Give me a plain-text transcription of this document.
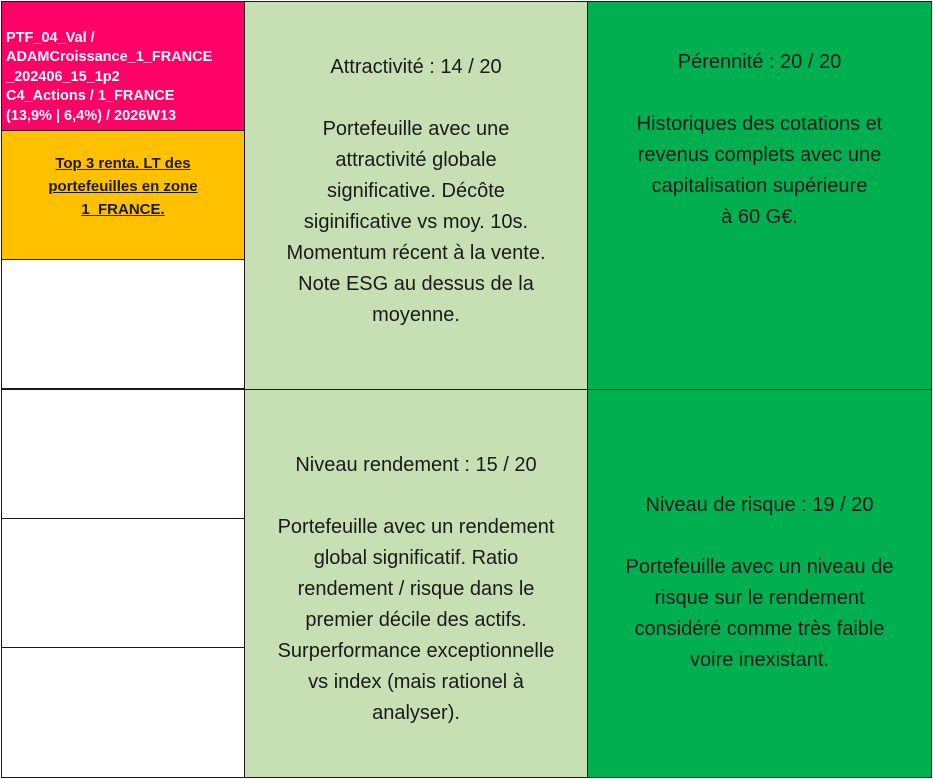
PTF_04_Val /
ADAMCroissance_1_FRANCE
_202406_15_1p2
C4_Actions / 1_FRANCE
(13,9% | 6,4%) / 2026W13

Top 3 renta. LT des
portefeuilles en zone
1_FRANCE.
Attractivité : 14 / 20
Portefeuille avec une
attractivité globale
significative. Décôte
siginificative vs moy. 10s.
Momentum récent à la vente.
Note ESG au dessus de la
moyenne.
Pérennité : 20 / 20
Historiques des cotations et
revenus complets avec une
capitalisation supérieure
à 60 G€.
Niveau rendement : 15 / 20
Portefeuille avec un rendement
global significatif. Ratio
rendement / risque dans le
premier décile des actifs.
Surperformance exceptionnelle
vs index (mais rationel à
analyser).
Niveau de risque : 19 / 20
Portefeuille avec un niveau de
risque sur le rendement
considéré comme très faible
voire inexistant.
